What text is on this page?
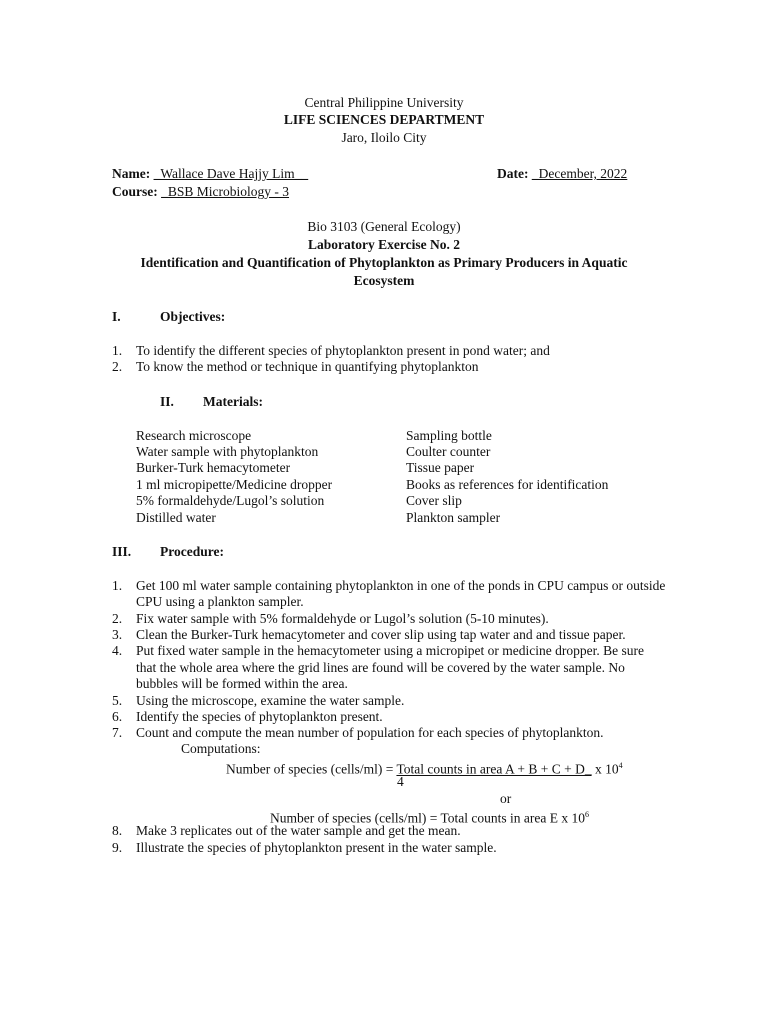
Central Philippine University
LIFE SCIENCES DEPARTMENT
Jaro, Iloilo City
Name: _Wallace Dave Hajjy Lim__	Date: _December, 2022
Course: _BSB Microbiology - 3
Bio 3103 (General Ecology)
Laboratory Exercise No. 2
Identification and Quantification of Phytoplankton as Primary Producers in Aquatic
Ecosystem
I.	Objectives:
1. To identify the different species of phytoplankton present in pond water; and
2. To know the method or technique in quantifying phytoplankton
II. Materials:
Research microscope	Sampling bottle
Water sample with phytoplankton	Coulter counter
Burker-Turk hemacytometer	Tissue paper
1 ml micropipette/Medicine dropper	Books as references for identification
5% formaldehyde/Lugol’s solution	Cover slip
Distilled water	Plankton sampler
III. Procedure:
1. Get 100 ml water sample containing phytoplankton in one of the ponds in CPU campus or outside
CPU using a plankton sampler.
2. Fix water sample with 5% formaldehyde or Lugol’s solution (5-10 minutes).
3. Clean the Burker-Turk hemacytometer and cover slip using tap water and and tissue paper.
4. Put fixed water sample in the hemacytometer using a micropipet or medicine dropper. Be sure
that the whole area where the grid lines are found will be covered by the water sample. No
bubbles will be formed within the area.
5. Using the microscope, examine the water sample.
6. Identify the species of phytoplankton present.
7. Count and compute the mean number of population for each species of phytoplankton.
Computations:
Number of species (cells/ml) = Total counts in area A + B + C + D_ x $10^4$
4
or
Number of species (cells/ml) = Total counts in area E x $10^6$
8. Make 3 replicates out of the water sample and get the mean.
9. Illustrate the species of phytoplankton present in the water sample.
